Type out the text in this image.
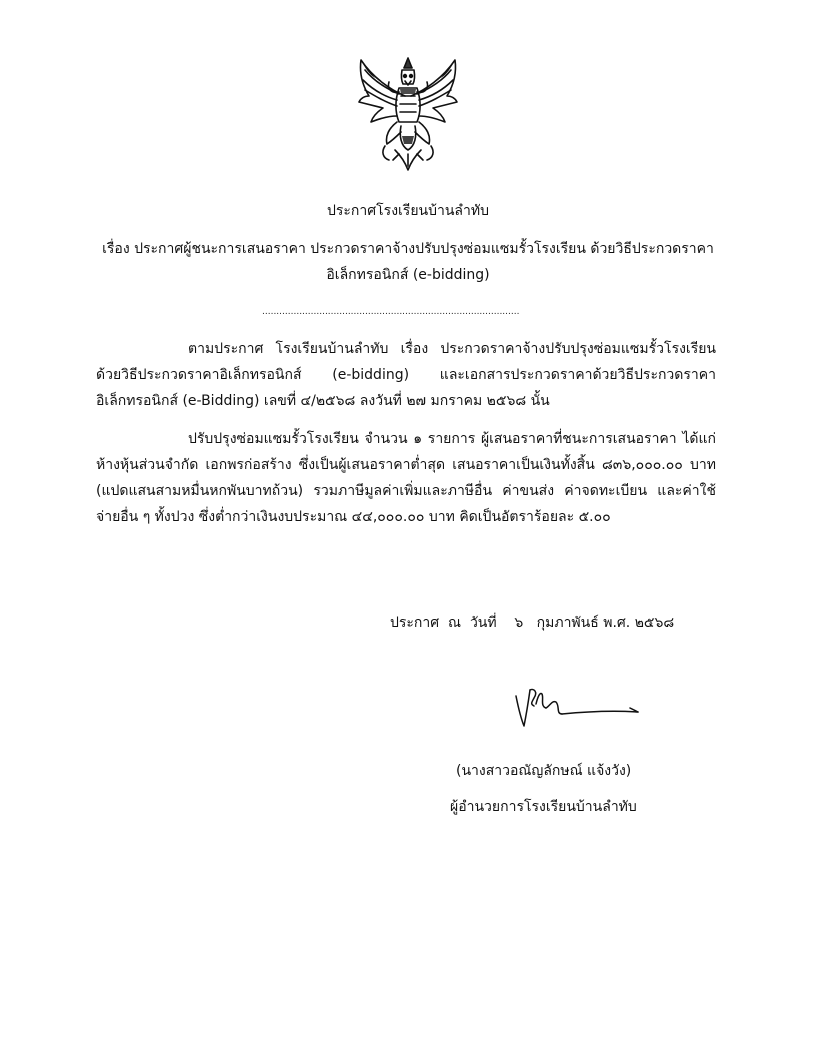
ประกาศโรงเรียนบ้านลำทับ
เรื่อง ประกาศผู้ชนะการเสนอราคา ประกวดราคาจ้างปรับปรุงซ่อมแซมรั้วโรงเรียน ด้วยวิธีประกวดราคา
อิเล็กทรอนิกส์ (e-bidding)
..........................................................................................
ตามประกาศ โรงเรียนบ้านลำทับ เรื่อง ประกวดราคาจ้างปรับปรุงซ่อมแซมรั้วโรงเรียน ด้วยวิธีประกวดราคาอิเล็กทรอนิกส์ (e-bidding) และเอกสารประกวดราคาด้วยวิธีประกวดราคาอิเล็กทรอนิกส์ (e-Bidding) เลขที่ ๔/๒๕๖๘ ลงวันที่ ๒๗ มกราคม ๒๕๖๘ นั้น
ปรับปรุงซ่อมแซมรั้วโรงเรียน จำนวน ๑ รายการ ผู้เสนอราคาที่ชนะการเสนอราคา ได้แก่ ห้างหุ้นส่วนจำกัด เอกพรก่อสร้าง ซึ่งเป็นผู้เสนอราคาต่ำสุด เสนอราคาเป็นเงินทั้งสิ้น ๘๓๖,๐๐๐.๐๐ บาท (แปดแสนสามหมื่นหกพันบาทถ้วน) รวมภาษีมูลค่าเพิ่มและภาษีอื่น ค่าขนส่ง ค่าจดทะเบียน และค่าใช้จ่ายอื่น ๆ ทั้งปวง ซึ่งต่ำกว่าเงินงบประมาณ ๔๔,๐๐๐.๐๐ บาท คิดเป็นอัตราร้อยละ ๕.๐๐
ประกาศ  ณ  วันที่    ๖   กุมภาพันธ์ พ.ศ. ๒๕๖๘
(นางสาวอณัญลักษณ์ แจ้งวัง)
ผู้อำนวยการโรงเรียนบ้านลำทับ
